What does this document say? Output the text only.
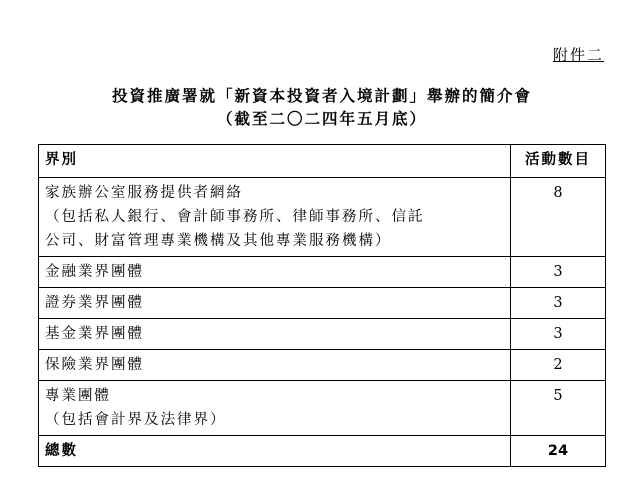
附件二
投資推廣署就「新資本投資者入境計劃」舉辦的簡介會
（截至二〇二四年五月底）
界別	活動數目

家族辦公室服務提供者網絡
（包括私人銀行、會計師事務所、律師事務所、信託
公司、財富管理專業機構及其他專業服務機構）	8
金融業界團體	3
證券業界團體	3
基金業界團體	3
保險業界團體	2

專業團體
（包括會計界及法律界）	5
總數	24
